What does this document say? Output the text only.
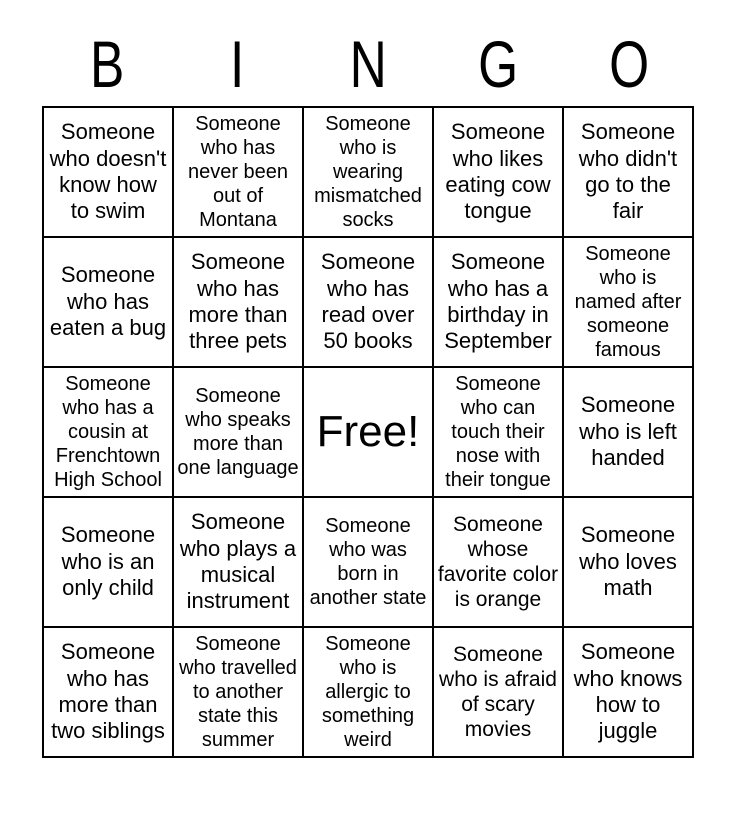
B	I	N	G	O
Someone who doesn't know how to swim
Someone who has never been out of Montana
Someone who is wearing mismatched socks
Someone who likes eating cow tongue
Someone who didn't go to the fair
Someone who has eaten a bug
Someone who has more than three pets
Someone who has read over 50 books
Someone who has a birthday in September
Someone who is named after someone famous
Someone who has a cousin at Frenchtown High School
Someone who speaks more than one language
Free!
Someone who can touch their nose with their tongue
Someone who is left handed
Someone who is an only child
Someone who plays a musical instrument
Someone who was born in another state
Someone whose favorite color is orange
Someone who loves math
Someone who has more than two siblings
Someone who travelled to another state this summer
Someone who is allergic to something weird
Someone who is afraid of scary movies
Someone who knows how to juggle
